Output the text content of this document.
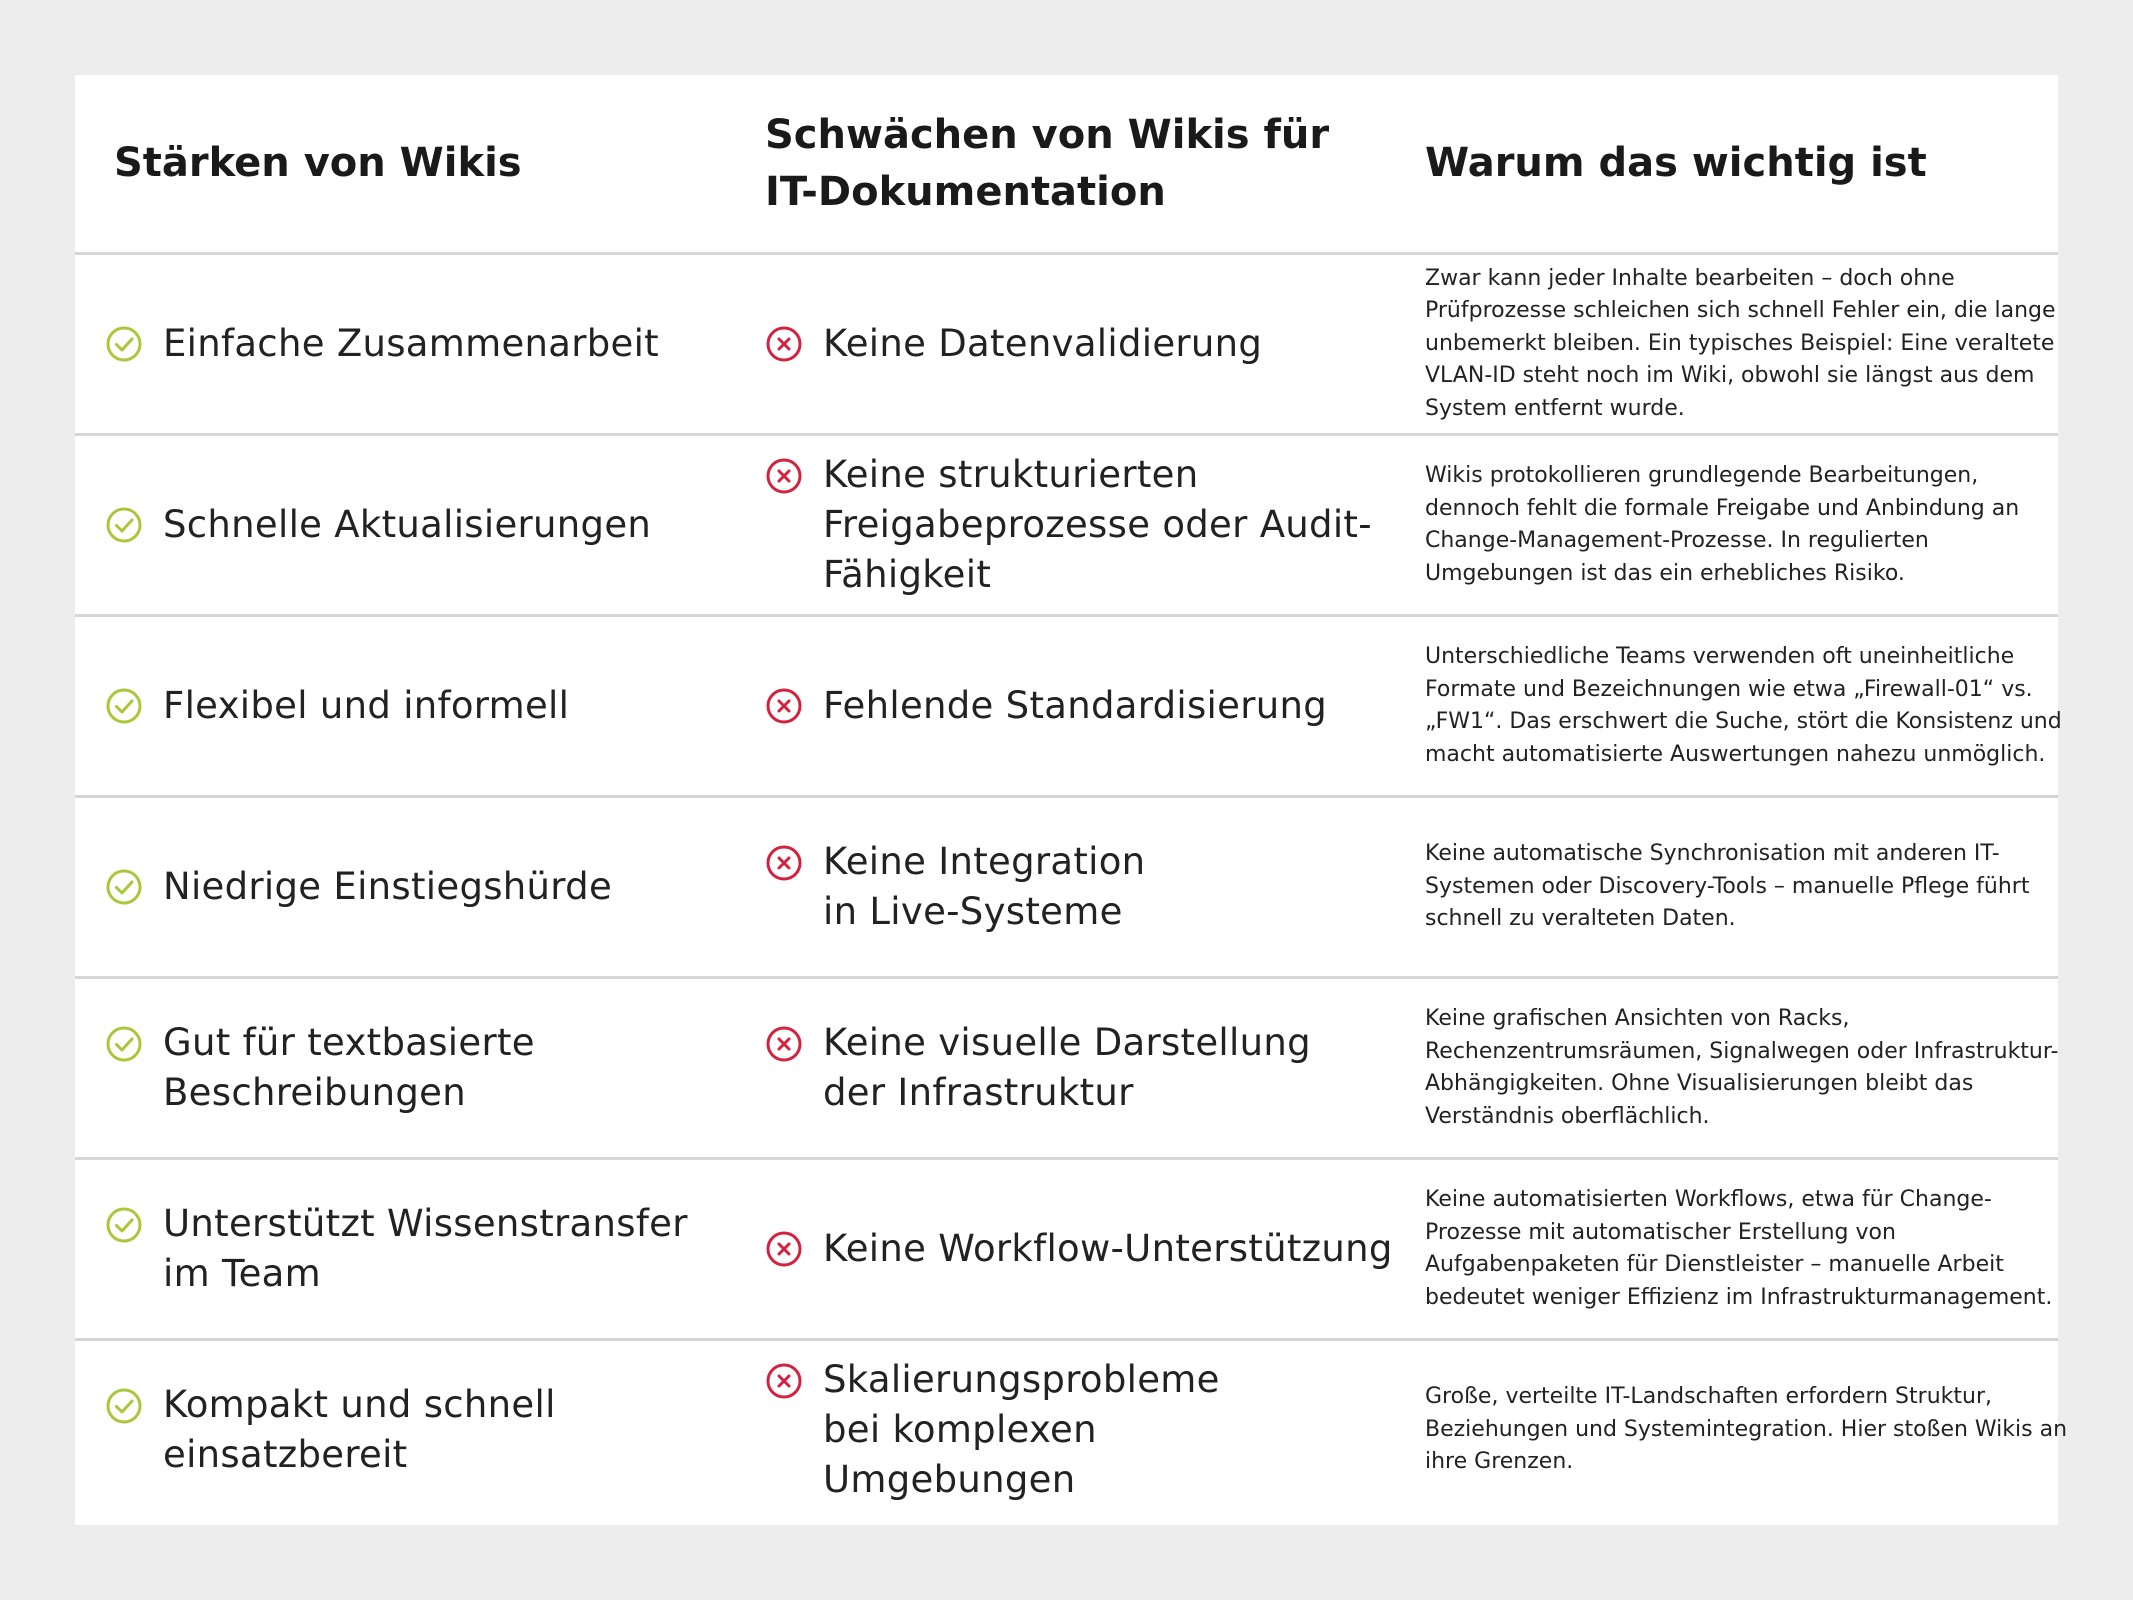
Stärken von Wikis
Schwächen von Wikis für IT-Dokumentation
Warum das wichtig ist
Einfache Zusammenarbeit	Keine Datenvalidierung
Zwar kann jeder Inhalte bearbeiten – doch ohne Prüfprozesse schleichen sich schnell Fehler ein, die lange unbemerkt bleiben. Ein typisches Beispiel: Eine veraltete VLAN-ID steht noch im Wiki, obwohl sie längst aus dem System entfernt wurde.
Schnelle Aktualisierungen
Keine strukturierten Freigabeprozesse oder Audit-Fähigkeit
Wikis protokollieren grundlegende Bearbeitungen, dennoch fehlt die formale Freigabe und Anbindung an Change-Management-Prozesse. In regulierten Umgebungen ist das ein erhebliches Risiko.
Flexibel und informell	Fehlende Standardisierung
Unterschiedliche Teams verwenden oft uneinheitliche Formate und Bezeichnungen wie etwa „Firewall-01“ vs. „FW1“. Das erschwert die Suche, stört die Konsistenz und macht automatisierte Auswertungen nahezu unmöglich.
Niedrige Einstiegshürde
Keine Integration in Live-Systeme
Keine automatische Synchronisation mit anderen IT-Systemen oder Discovery-Tools – manuelle Pflege führt schnell zu veralteten Daten.
Gut für textbasierte Beschreibungen
Keine visuelle Darstellung der Infrastruktur
Keine grafischen Ansichten von Racks, Rechenzentrumsräumen, Signalwegen oder Infrastruktur-Abhängigkeiten. Ohne Visualisierungen bleibt das Verständnis oberflächlich.
Unterstützt Wissenstransfer im Team
Keine Workflow-Unterstützung
Keine automatisierten Workflows, etwa für Change-Prozesse mit automatischer Erstellung von Aufgabenpaketen für Dienstleister – manuelle Arbeit bedeutet weniger Effizienz im Infrastrukturmanagement.
Kompakt und schnell einsatzbereit
Skalierungsprobleme bei komplexen Umgebungen
Große, verteilte IT-Landschaften erfordern Struktur, Beziehungen und Systemintegration. Hier stoßen Wikis an ihre Grenzen.
